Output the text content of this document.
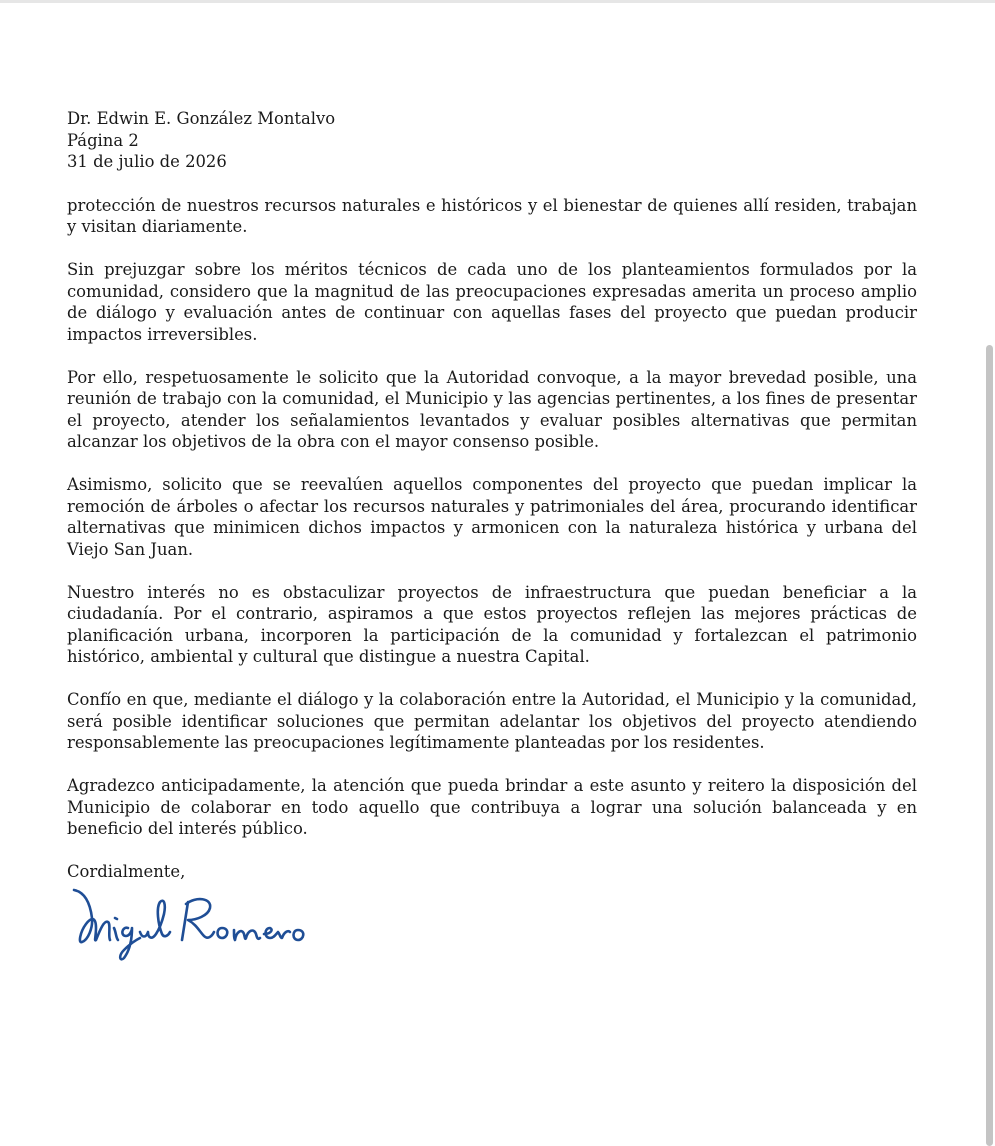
Dr. Edwin E. González Montalvo
Página 2
31 de julio de 2026

protección de nuestros recursos naturales e históricos y el bienestar de quienes allí residen, trabajan y visitan diariamente.

Sin prejuzgar sobre los méritos técnicos de cada uno de los planteamientos formulados por la comunidad, considero que la magnitud de las preocupaciones expresadas amerita un proceso amplio de diálogo y evaluación antes de continuar con aquellas fases del proyecto que puedan producir impactos irreversibles.

Por ello, respetuosamente le solicito que la Autoridad convoque, a la mayor brevedad posible, una reunión de trabajo con la comunidad, el Municipio y las agencias pertinentes, a los fines de presentar el proyecto, atender los señalamientos levantados y evaluar posibles alternativas que permitan alcanzar los objetivos de la obra con el mayor consenso posible.

Asimismo, solicito que se reevalúen aquellos componentes del proyecto que puedan implicar la remoción de árboles o afectar los recursos naturales y patrimoniales del área, procurando identificar alternativas que minimicen dichos impactos y armonicen con la naturaleza histórica y urbana del Viejo San Juan.

Nuestro interés no es obstaculizar proyectos de infraestructura que puedan beneficiar a la ciudadanía. Por el contrario, aspiramos a que estos proyectos reflejen las mejores prácticas de planificación urbana, incorporen la participación de la comunidad y fortalezcan el patrimonio histórico, ambiental y cultural que distingue a nuestra Capital.

Confío en que, mediante el diálogo y la colaboración entre la Autoridad, el Municipio y la comunidad, será posible identificar soluciones que permitan adelantar los objetivos del proyecto atendiendo responsablemente las preocupaciones legítimamente planteadas por los residentes.

Agradezco anticipadamente, la atención que pueda brindar a este asunto y reitero la disposición del Municipio de colaborar en todo aquello que contribuya a lograr una solución balanceada y en beneficio del interés público.

Cordialmente,
